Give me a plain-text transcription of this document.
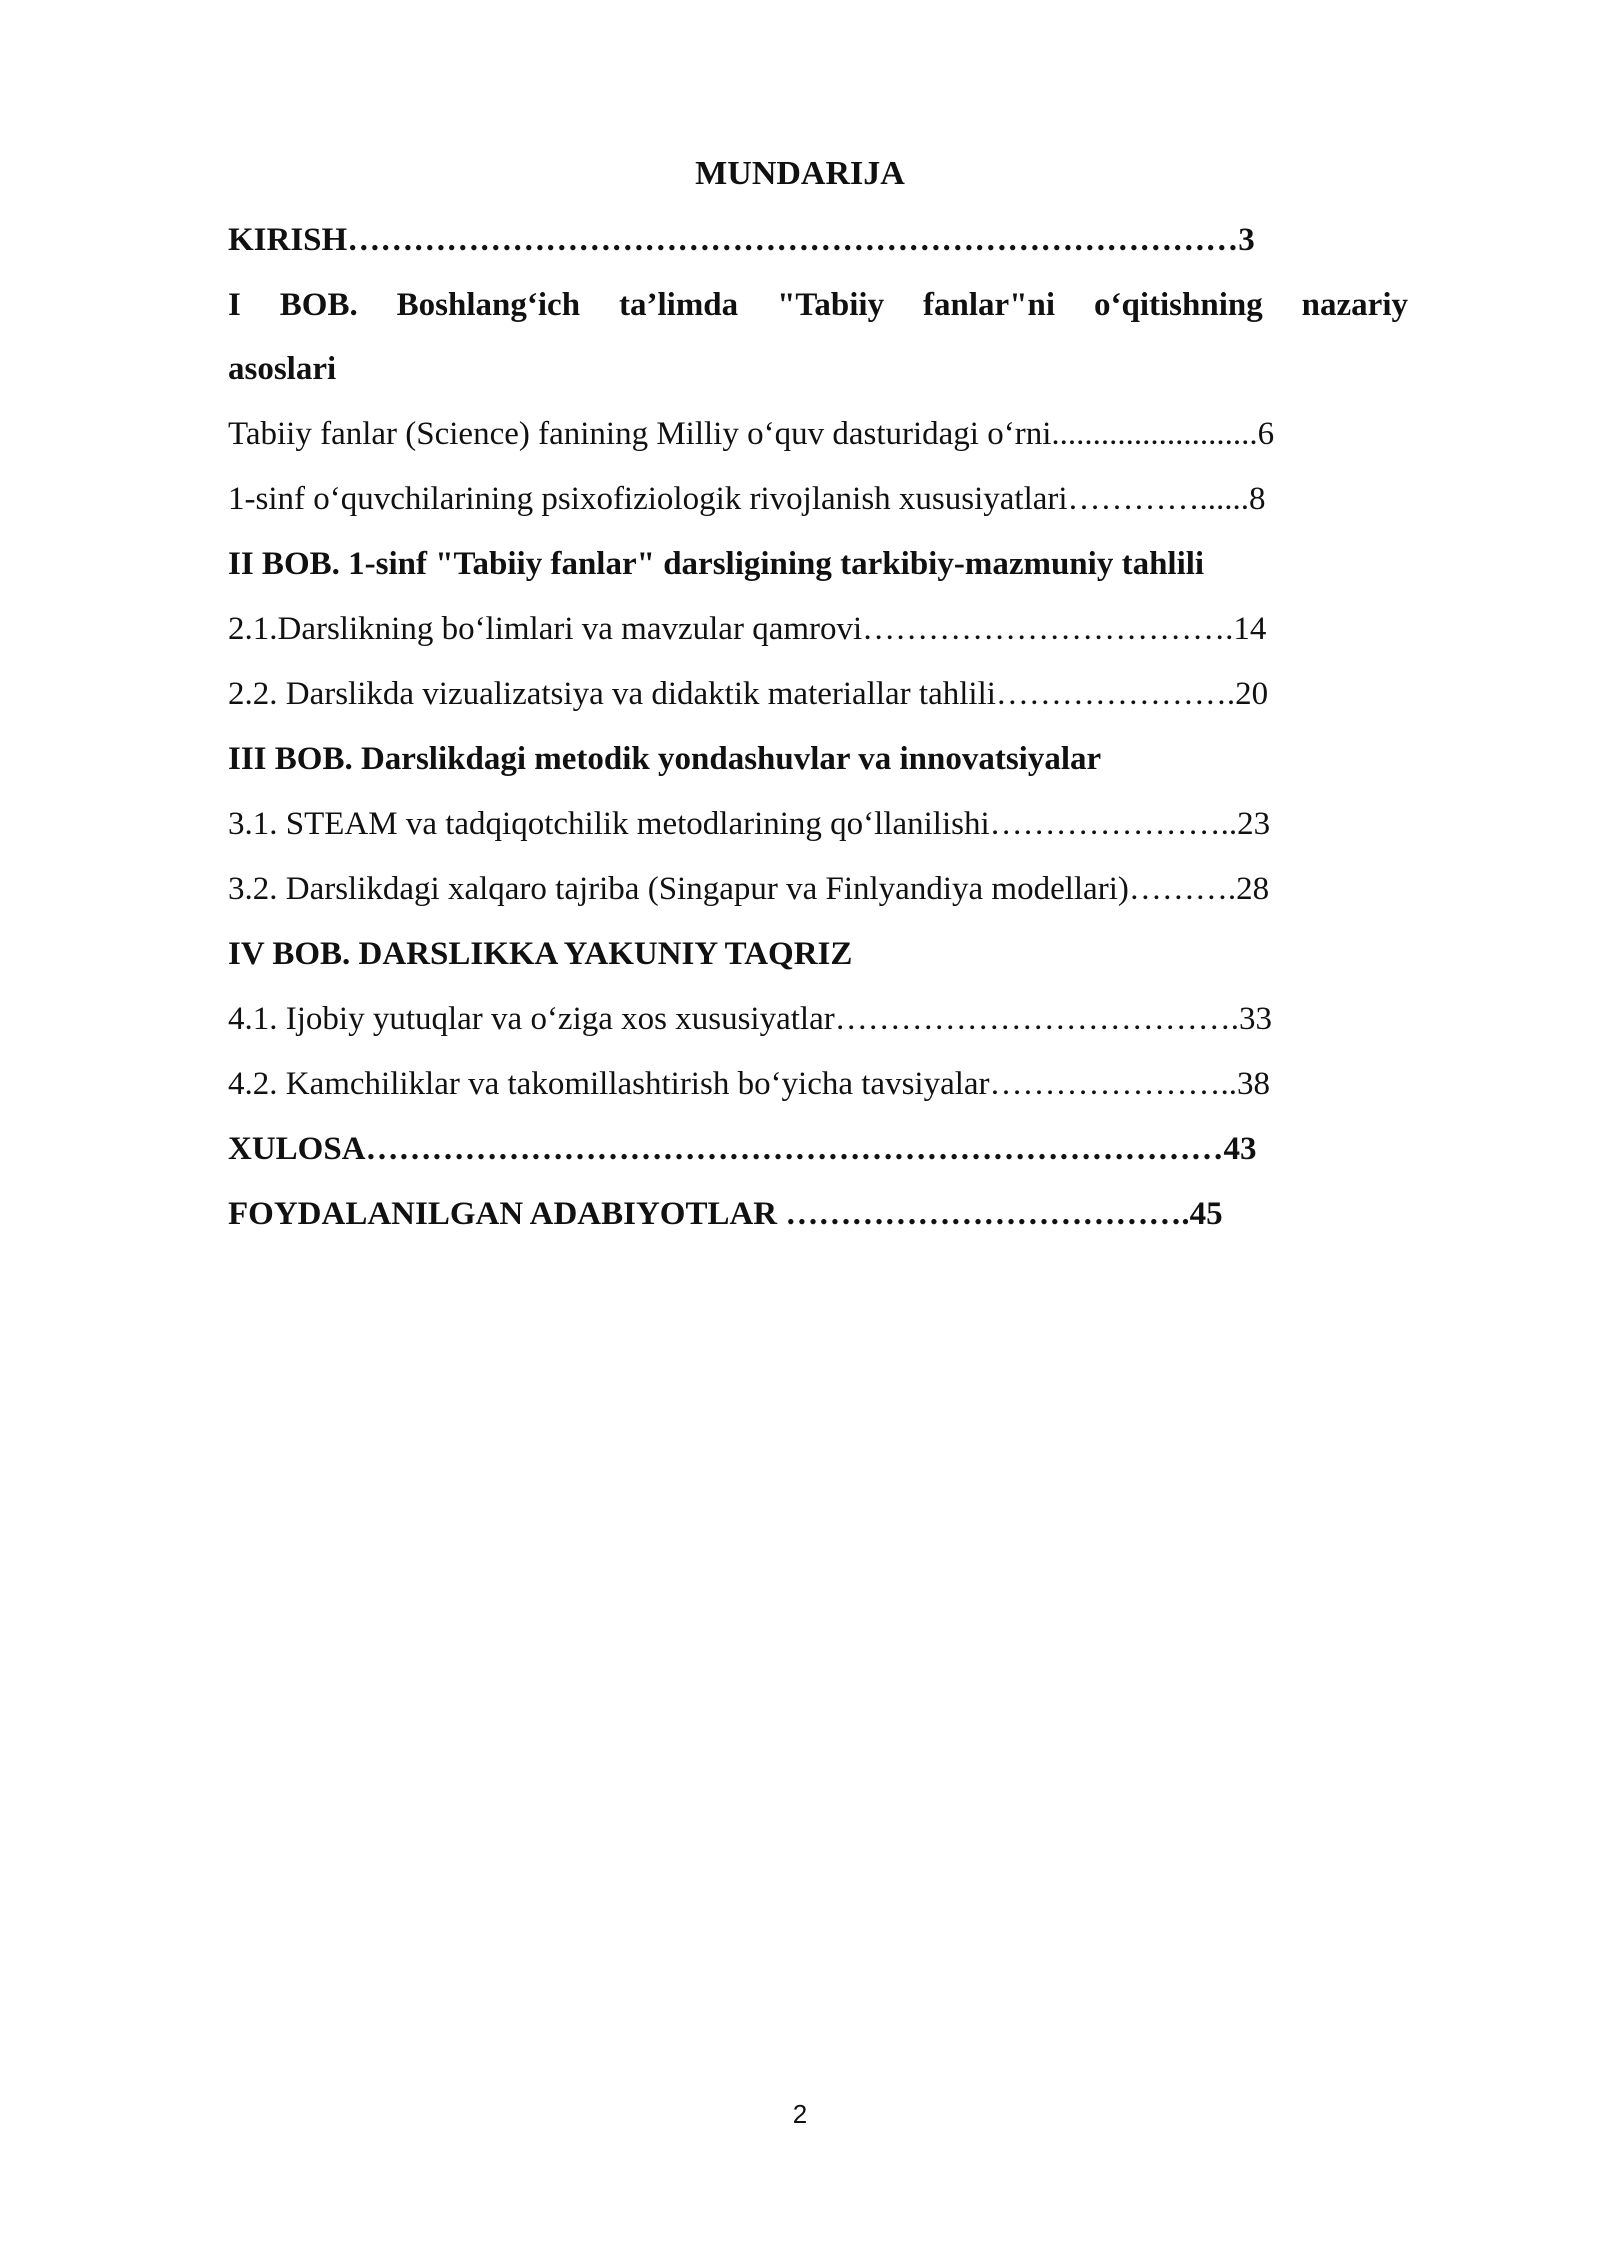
MUNDARIJA
KIRISH………………………………………………………………………3
I BOB. Boshlang‘ich ta’limda "Tabiiy fanlar"ni o‘qitishning nazariy
asoslari
Tabiiy fanlar (Science) fanining Milliy o‘quv dasturidagi o‘rni.........................6
1-sinf o‘quvchilarining psixofiziologik rivojlanish xususiyatlari…………......8
II BOB. 1-sinf "Tabiiy fanlar" darsligining tarkibiy-mazmuniy tahlili
2.1.Darslikning bo‘limlari va mavzular qamrovi…………………………….14
2.2. Darslikda vizualizatsiya va didaktik materiallar tahlili………………….20
III BOB. Darslikdagi metodik yondashuvlar va innovatsiyalar
3.1. STEAM va tadqiqotchilik metodlarining qo‘llanilishi…………………..23
3.2. Darslikdagi xalqaro tajriba (Singapur va Finlyandiya modellari)……….28
IV BOB. DARSLIKKA YAKUNIY TAQRIZ
4.1. Ijobiy yutuqlar va o‘ziga xos xususiyatlar……………………………….33
4.2. Kamchiliklar va takomillashtirish bo‘yicha tavsiyalar…………………..38
XULOSA……………………………………………………………………43
FOYDALANILGAN ADABIYOTLAR ……………………………….45
2
